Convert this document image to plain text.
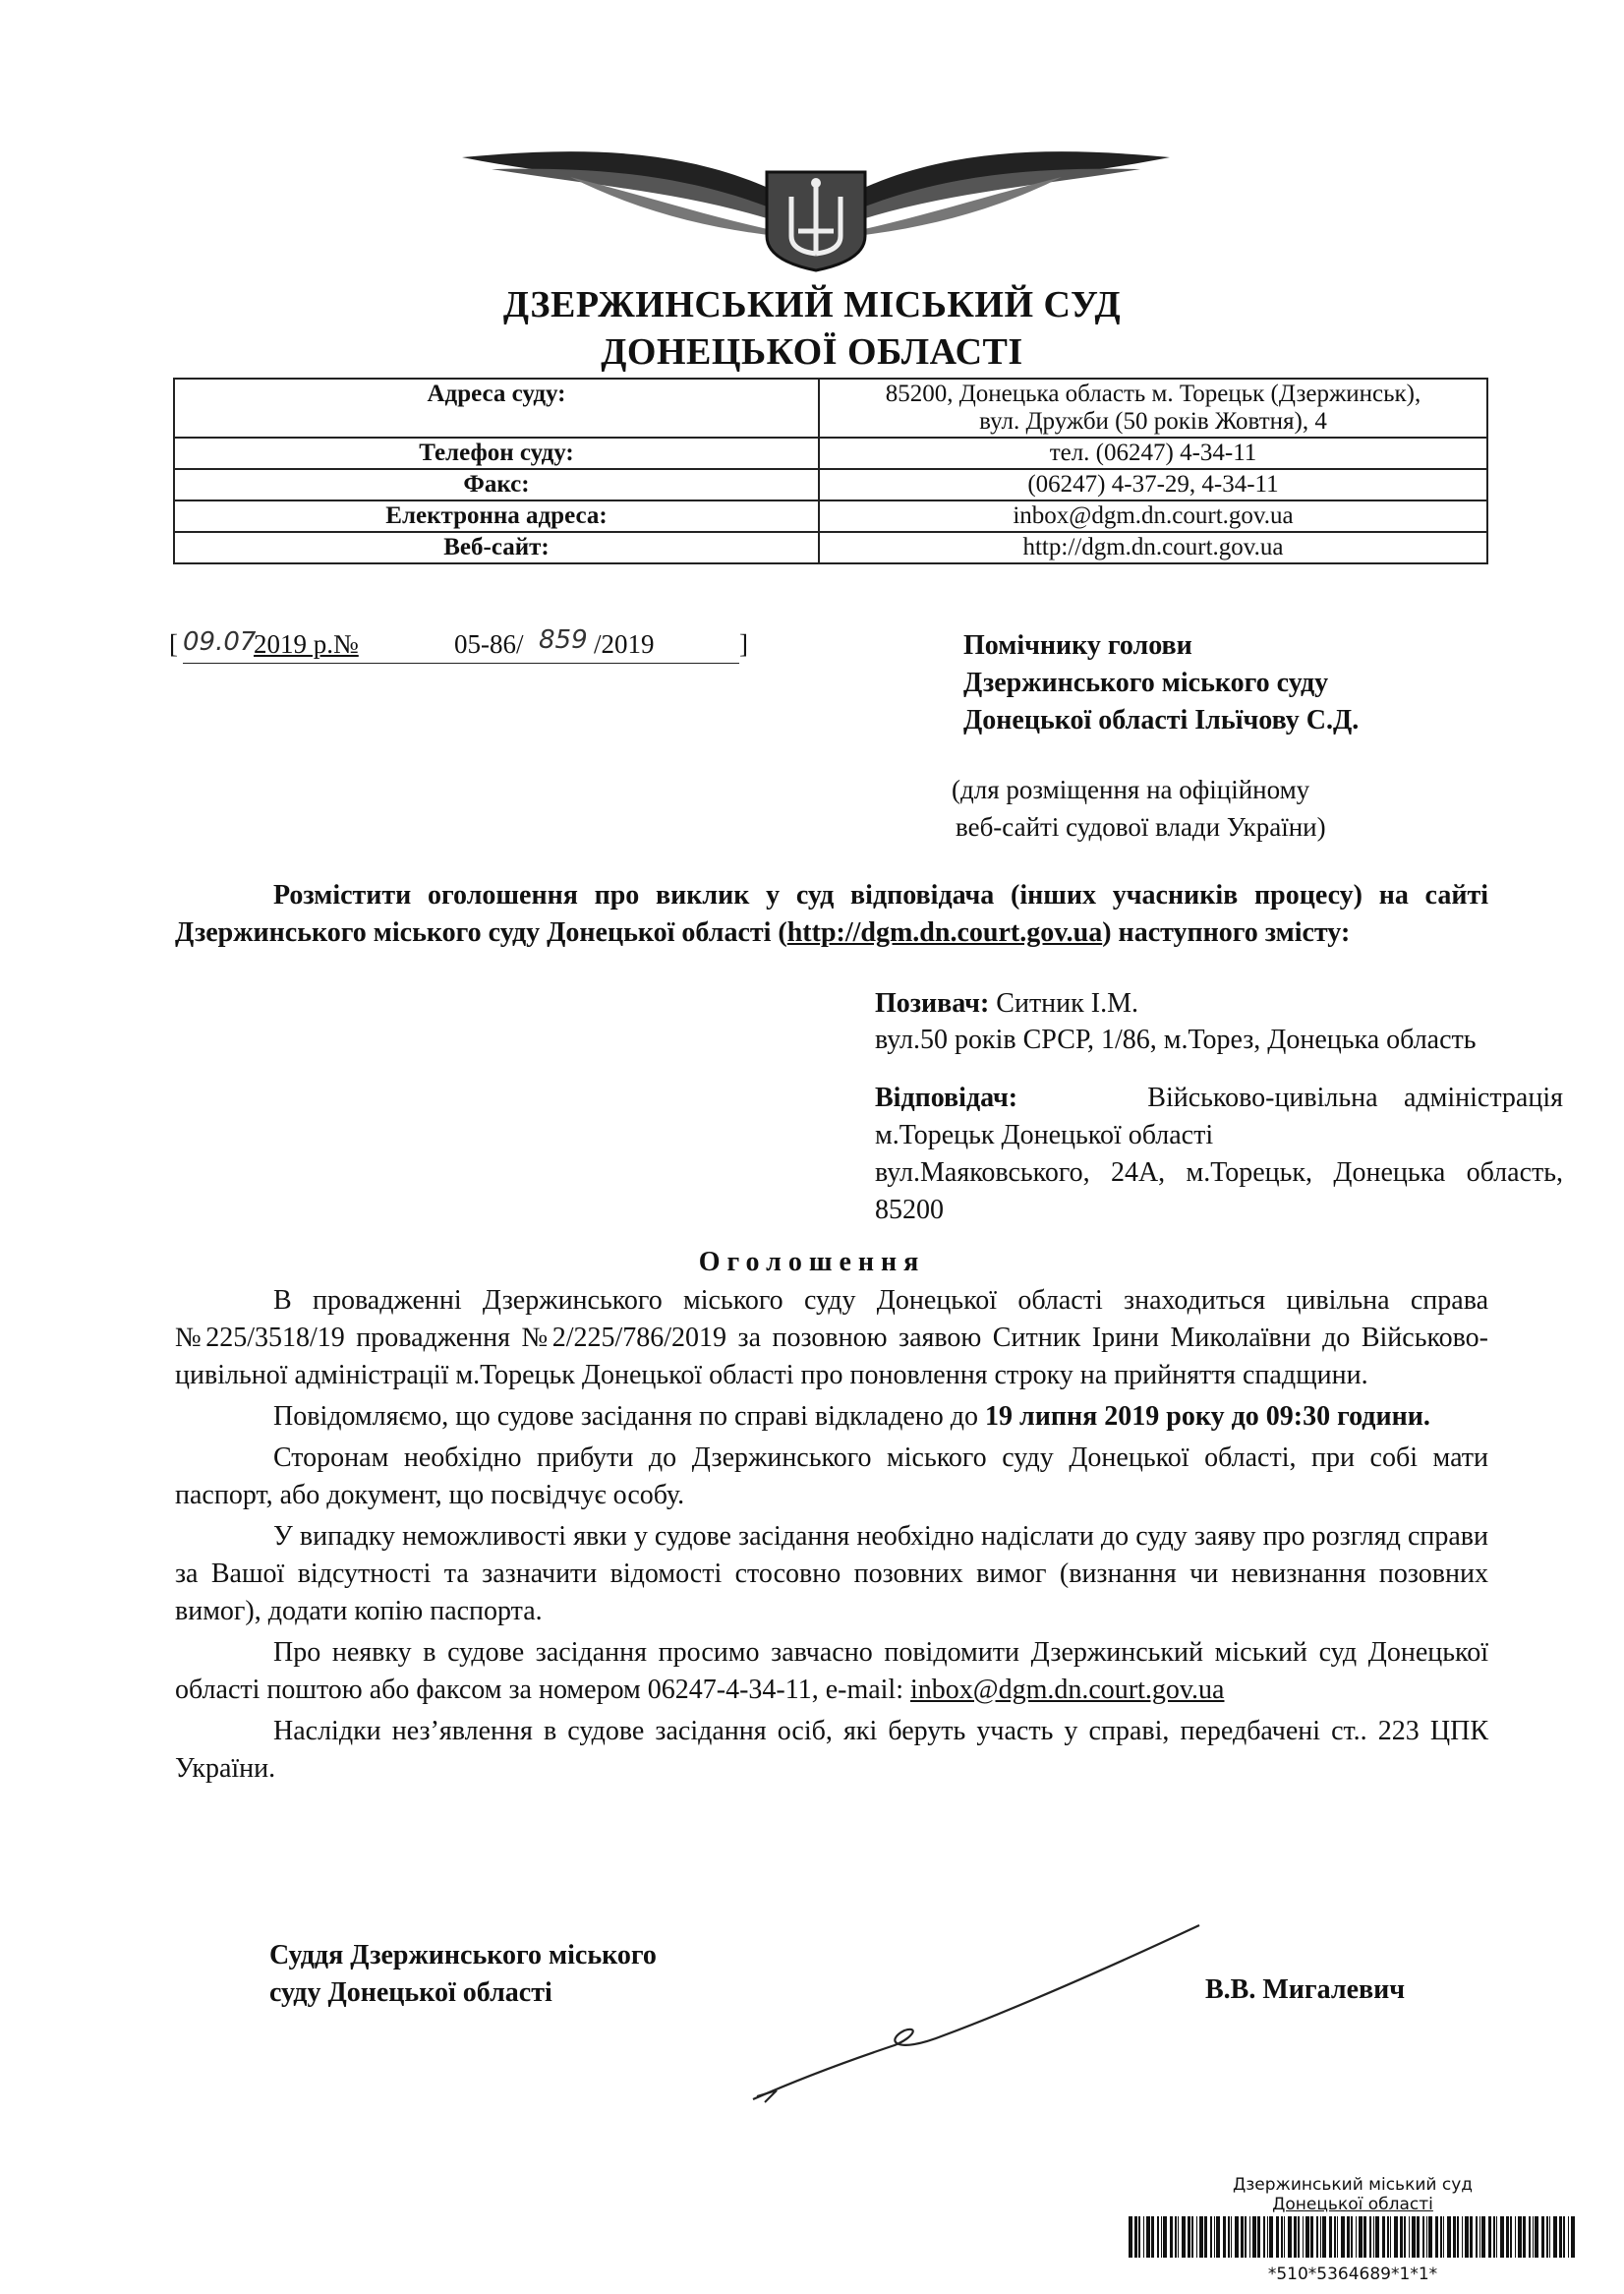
ДЗЕРЖИНСЬКИЙ МІСЬКИЙ СУД
ДОНЕЦЬКОЇ ОБЛАСТІ
Адреса суду:	85200, Донецька область м. Торецьк (Дзержинськ),
вул. Дружби (50 років Жовтня), 4

Телефон суду:	тел. (06247) 4-34-11
Факс:	(06247) 4-37-29, 4-34-11
Електронна адреса:	inbox@dgm.dn.court.gov.ua
Веб-сайт:	http://dgm.dn.court.gov.ua
[ 09.07
2019 р.№	05-86/ 859 /2019	]	Помічнику голови
Дзержинського міського суду
Донецької області Ільїчову С.Д.
(для розміщення на офіційному
веб-сайті судової влади України)
Розмістити оголошення про виклик у суд відповідача (інших учасників процесу) на сайті Дзержинського міського суду Донецької області (http://dgm.dn.court.gov.ua) наступного змісту:
Позивач: Ситник І.М.
вул.50 років СРСР, 1/86, м.Торез, Донецька область
Відповідач:	Військово-цивільна адміністрація м.Торецьк Донецької області
вул.Маяковського, 24А, м.Торецьк, Донецька область, 85200
Оголошення
В провадженні Дзержинського міського суду Донецької області знаходиться цивільна справа №225/3518/19 провадження №2/225/786/2019 за позовною заявою Ситник Ірини Миколаївни до Військово-цивільної адміністрації м.Торецьк Донецької області про поновлення строку на прийняття спадщини.
Повідомляємо, що судове засідання по справі відкладено до 19 липня 2019 року до 09:30 години.
Сторонам необхідно прибути до Дзержинського міського суду Донецької області, при собі мати паспорт, або документ, що посвідчує особу.
У випадку неможливості явки у судове засідання необхідно надіслати до суду заяву про розгляд справи за Вашої відсутності та зазначити відомості стосовно позовних вимог (визнання чи невизнання позовних вимог), додати копію паспорта.
Про неявку в судове засідання просимо завчасно повідомити Дзержинський міський суд Донецької області поштою або факсом за номером 06247-4-34-11, e-mail: inbox@dgm.dn.court.gov.ua
Наслідки нез’явлення в судове засідання осіб, які беруть участь у справі, передбачені ст.. 223 ЦПК України.
Суддя Дзержинського міського
суду Донецької області	В.В. Мигалевич
Дзержинський міський суд
Донецької області
*510*5364689*1*1*
